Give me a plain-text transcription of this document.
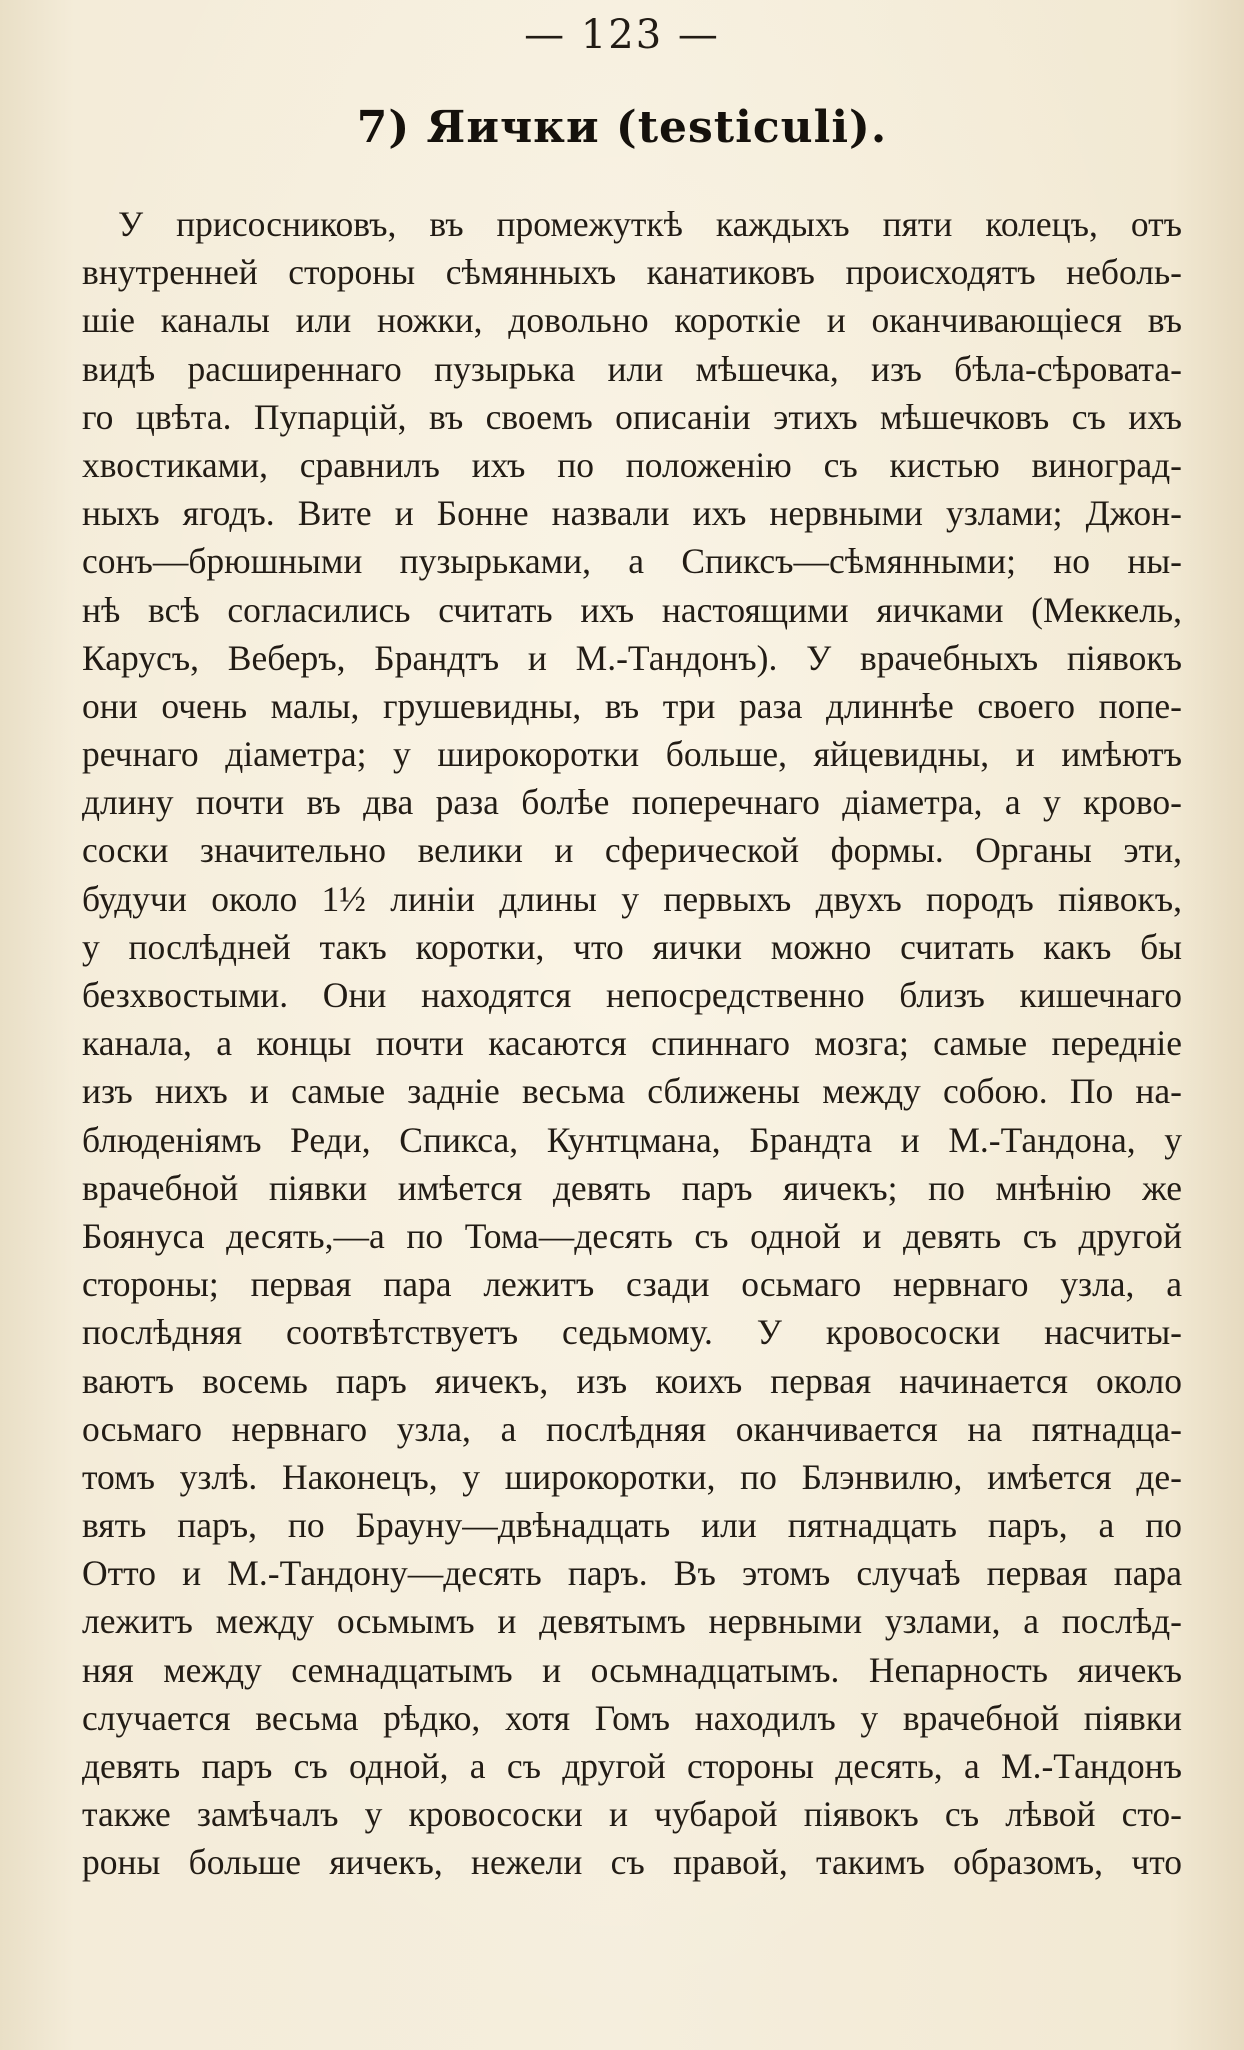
— 123 —
7) Яички (testiculi).
У присосниковъ, въ промежуткѣ каждыхъ пяти колецъ, отъ
внутренней стороны сѣмянныхъ канатиковъ происходятъ неболь-
шіе каналы или ножки, довольно короткіе и оканчивающіеся въ
видѣ расширеннаго пузырька или мѣшечка, изъ бѣла-сѣровата-
го цвѣта. Пупарцій, въ своемъ описаніи этихъ мѣшечковъ съ ихъ
хвостиками, сравнилъ ихъ по положенію съ кистью виноград-
ныхъ ягодъ. Вите и Бонне назвали ихъ нервными узлами; Джон-
сонъ—брюшными пузырьками, а Спиксъ—сѣмянными; но ны-
нѣ всѣ согласились считать ихъ настоящими яичками (Меккель,
Карусъ, Веберъ, Брандтъ и М.-Тандонъ). У врачебныхъ піявокъ
они очень малы, грушевидны, въ три раза длиннѣе своего попе-
речнаго діаметра; у широкоротки больше, яйцевидны, и имѣютъ
длину почти въ два раза болѣе поперечнаго діаметра, а у крово-
соски значительно велики и сферической формы. Органы эти,
будучи около 1½ линіи длины у первыхъ двухъ породъ піявокъ,
у послѣдней такъ коротки, что яички можно считать какъ бы
безхвостыми. Они находятся непосредственно близъ кишечнаго
канала, а концы почти касаются спиннаго мозга; самые передніе
изъ нихъ и самые задніе весьма сближены между собою. По на-
блюденіямъ Реди, Спикса, Кунтцмана, Брандта и М.-Тандона, у
врачебной піявки имѣется девять паръ яичекъ; по мнѣнію же
Боянуса десять,—а по Тома—десять съ одной и девять съ другой
стороны; первая пара лежитъ сзади осьмаго нервнаго узла, а
послѣдняя соотвѣтствуетъ седьмому. У кровососки насчиты-
ваютъ восемь паръ яичекъ, изъ коихъ первая начинается около
осьмаго нервнаго узла, а послѣдняя оканчивается на пятнадца-
томъ узлѣ. Наконецъ, у широкоротки, по Блэнвилю, имѣется де-
вять паръ, по Брауну—двѣнадцать или пятнадцать паръ, а по
Отто и М.-Тандону—десять паръ. Въ этомъ случаѣ первая пара
лежитъ между осьмымъ и девятымъ нервными узлами, а послѣд-
няя между семнадцатымъ и осьмнадцатымъ. Непарность яичекъ
случается весьма рѣдко, хотя Гомъ находилъ у врачебной піявки
девять паръ съ одной, а съ другой стороны десять, а М.-Тандонъ
также замѣчалъ у кровососки и чубарой піявокъ съ лѣвой сто-
роны больше яичекъ, нежели съ правой, такимъ образомъ, что
